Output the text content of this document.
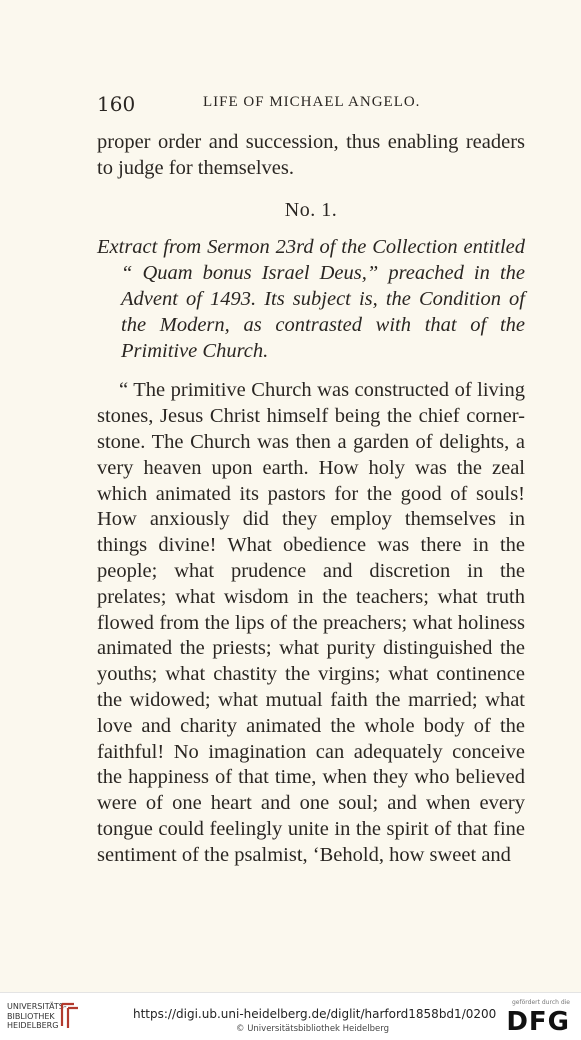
160	LIFE OF MICHAEL ANGELO.

proper order and succession, thus enabling readers to judge for themselves.

No. 1.

Extract from Sermon 23rd of the Collection entitled “ Quam bonus Israel Deus,” preached in the Advent of 1493. Its subject is, the Condition of the Modern, as contrasted with that of the Primitive Church.

“ The primitive Church was constructed of living stones, Jesus Christ himself being the chief corner-stone. The Church was then a garden of delights, a very heaven upon earth. How holy was the zeal which animated its pastors for the good of souls! How anxiously did they employ themselves in things divine! What obedience was there in the people; what prudence and discretion in the prelates; what wisdom in the teachers; what truth flowed from the lips of the preachers; what holiness animated the priests; what purity distinguished the youths; what chastity the virgins; what continence the widowed; what mutual faith the married; what love and charity animated the whole body of the faithful! No imagination can adequately conceive the happiness of that time, when they who believed were of one heart and one soul; and when every tongue could feelingly unite in the spirit of that fine sentiment of the psalmist, ‘Behold, how sweet and

UNIVERSITÄTS-
BIBLIOTHEK
HEIDELBERG
https://digi.ub.uni-heidelberg.de/diglit/harford1858bd1/0200
© Universitätsbibliothek Heidelberg
gefördert durch die
DFG
